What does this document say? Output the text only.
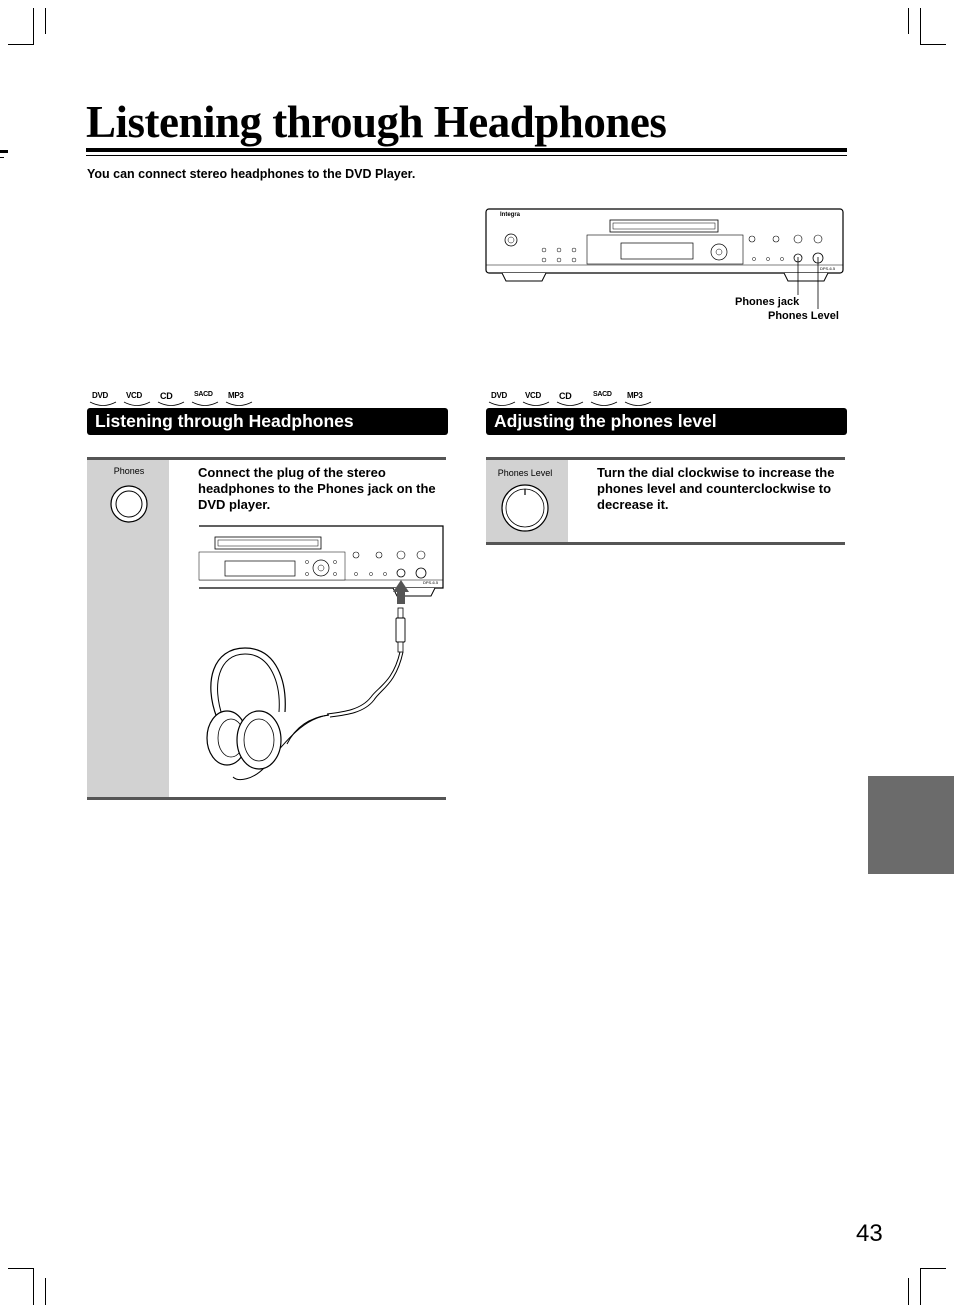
Listening through Headphones
You can connect stereo headphones to the DVD Player.
Integra
DPS-6.5
Phones jack
Phones Level
DVD VCD CD	SACD MP3
Listening through Headphones
Phones	Connect the plug of the stereo headphones to the Phones jack on the DVD player.
DPS-6.5
DVD VCD CD	SACD MP3
Adjusting the phones level
Phones Level	Turn the dial clockwise to increase the phones level and counterclockwise to decrease it.
43
